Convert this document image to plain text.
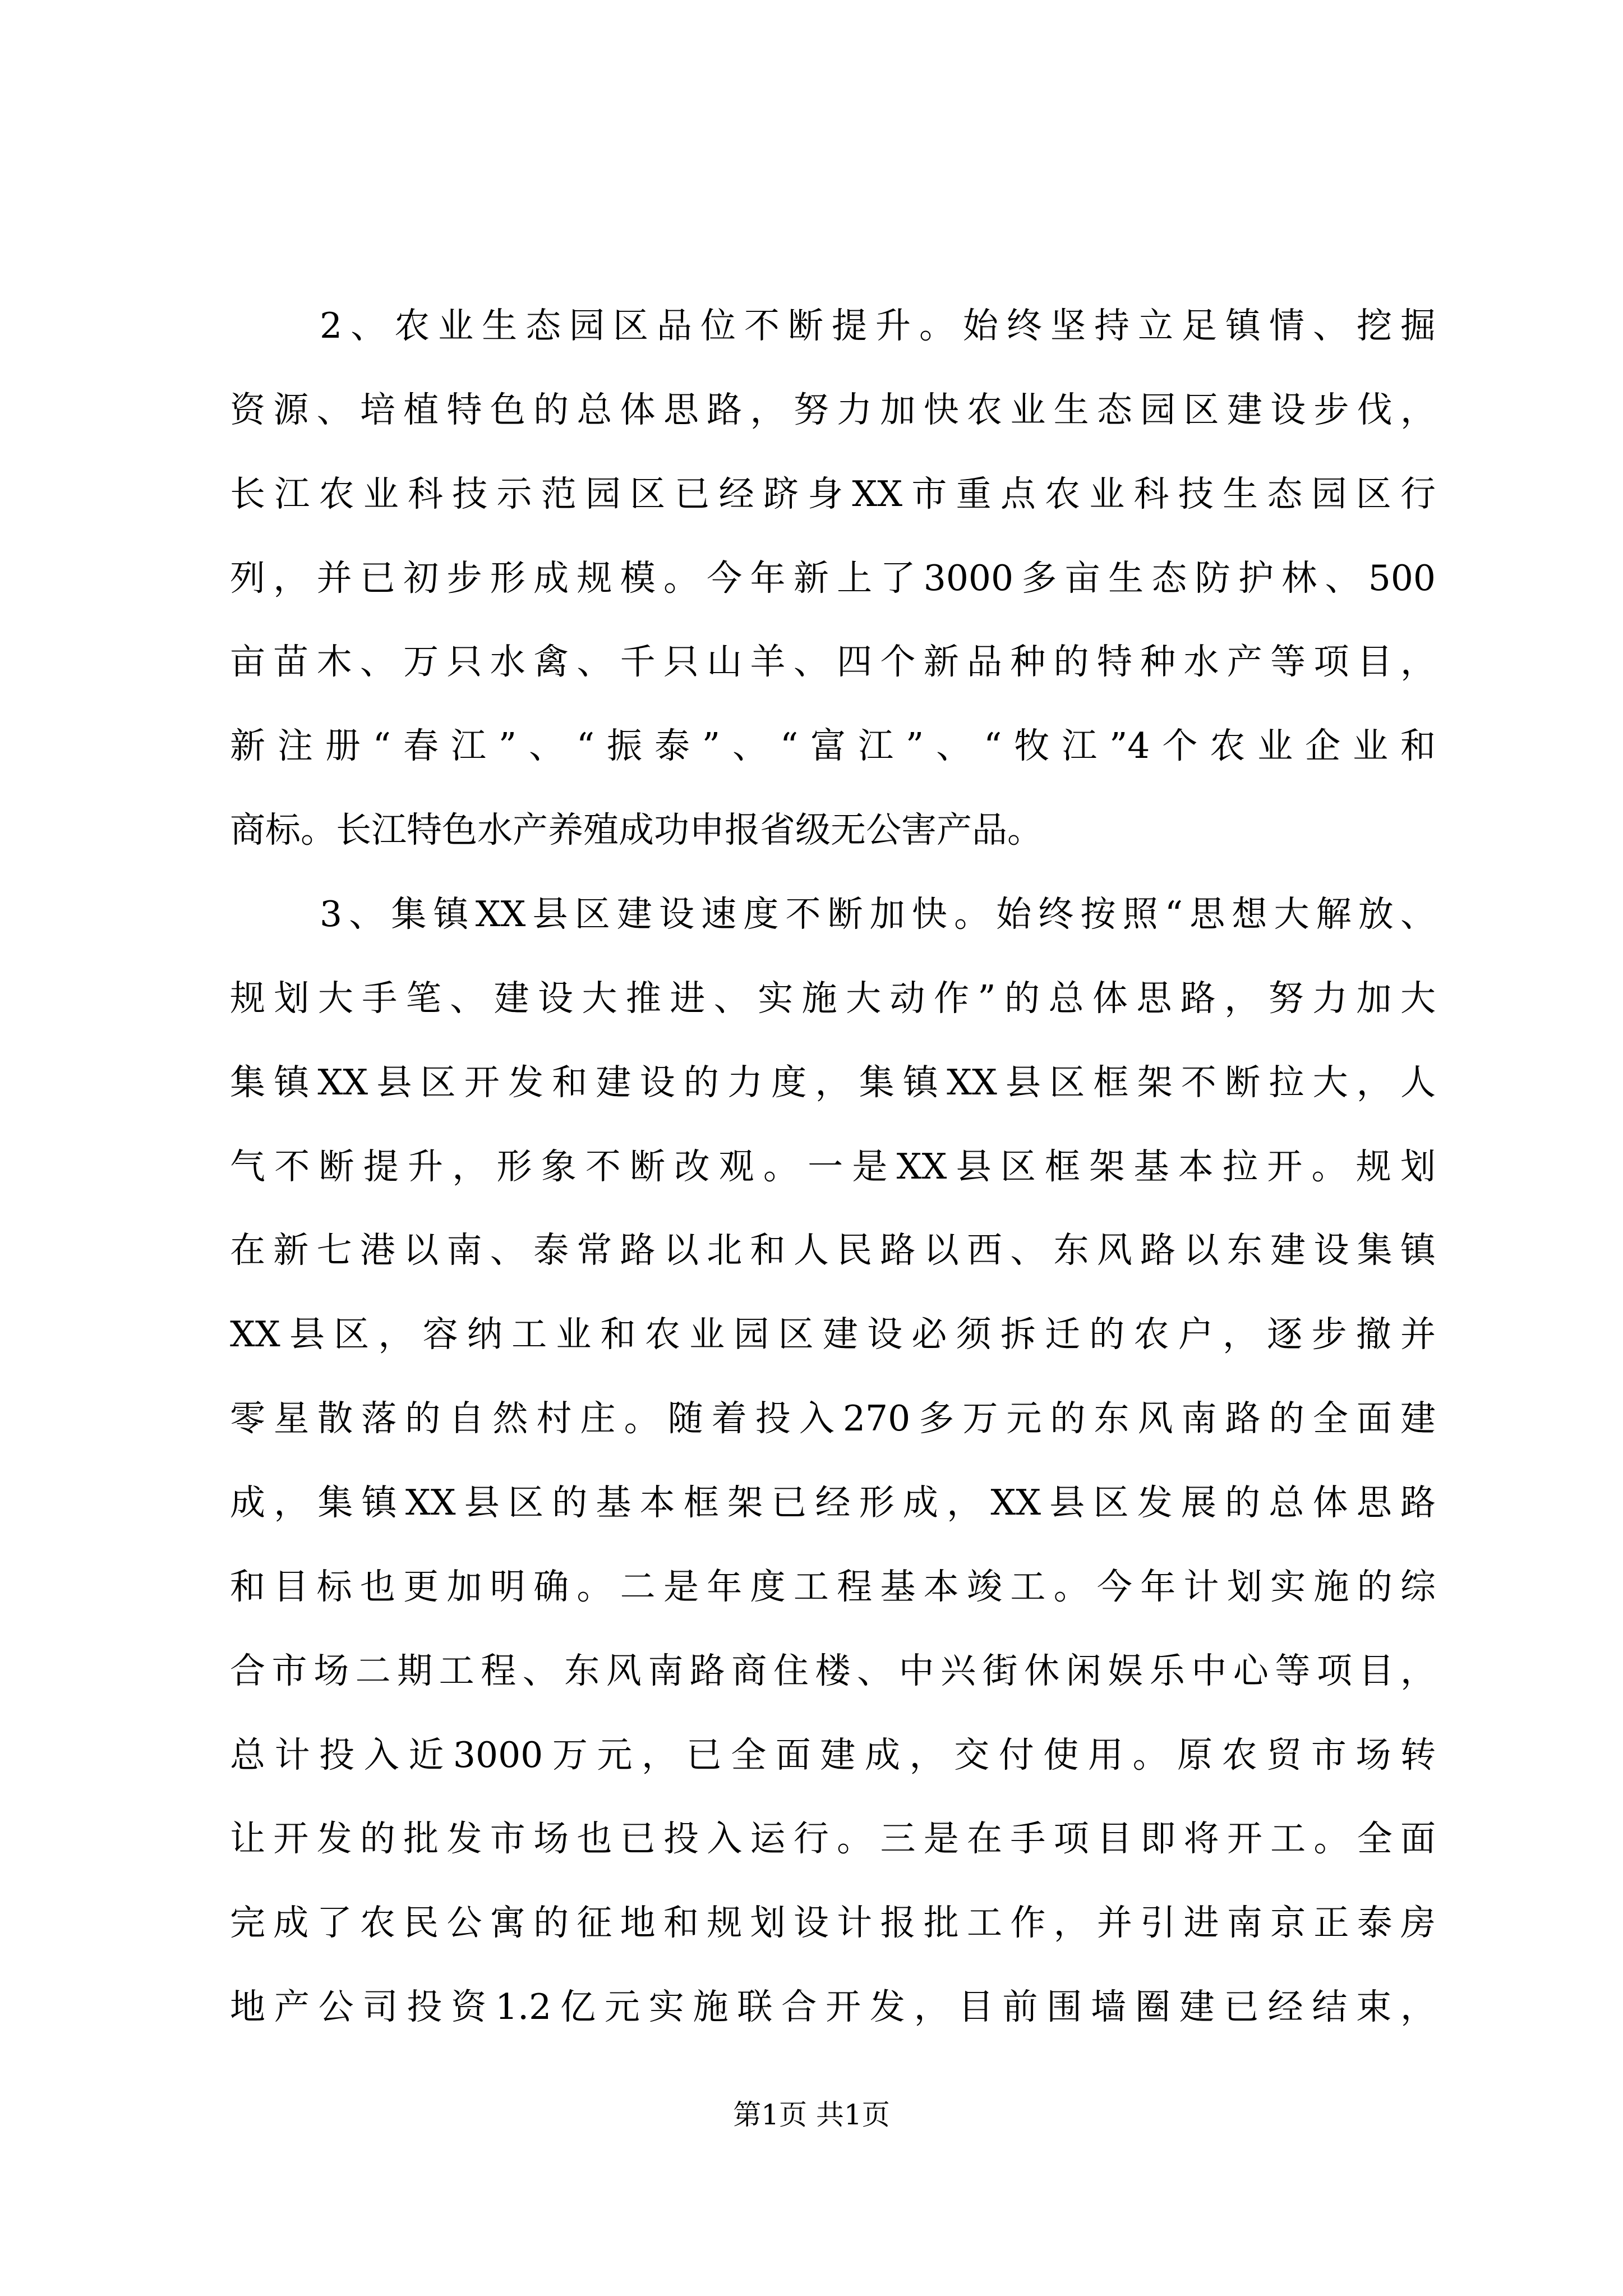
2、农业生态园区品位不断提升。始终坚持立足镇情、挖掘
资源、培植特色的总体思路，努力加快农业生态园区建设步伐，
长江农业科技示范园区已经跻身XX市重点农业科技生态园区行
列，并已初步形成规模。今年新上了3000多亩生态防护林、500
亩苗木、万只水禽、千只山羊、四个新品种的特种水产等项目，
新注册“春江”、“振泰”、“富江”、“牧江”4个农业企业和
商标。长江特色水产养殖成功申报省级无公害产品。
3、集镇XX县区建设速度不断加快。始终按照“思想大解放、
规划大手笔、建设大推进、实施大动作”的总体思路，努力加大
集镇XX县区开发和建设的力度，集镇XX县区框架不断拉大，人
气不断提升，形象不断改观。一是XX县区框架基本拉开。规划
在新七港以南、泰常路以北和人民路以西、东风路以东建设集镇
XX县区，容纳工业和农业园区建设必须拆迁的农户，逐步撤并
零星散落的自然村庄。随着投入270多万元的东风南路的全面建
成，集镇XX县区的基本框架已经形成，XX县区发展的总体思路
和目标也更加明确。二是年度工程基本竣工。今年计划实施的综
合市场二期工程、东风南路商住楼、中兴街休闲娱乐中心等项目，
总计投入近3000万元，已全面建成，交付使用。原农贸市场转
让开发的批发市场也已投入运行。三是在手项目即将开工。全面
完成了农民公寓的征地和规划设计报批工作，并引进南京正泰房
地产公司投资1.2亿元实施联合开发，目前围墙圈建已经结束，
第1页 共1页
